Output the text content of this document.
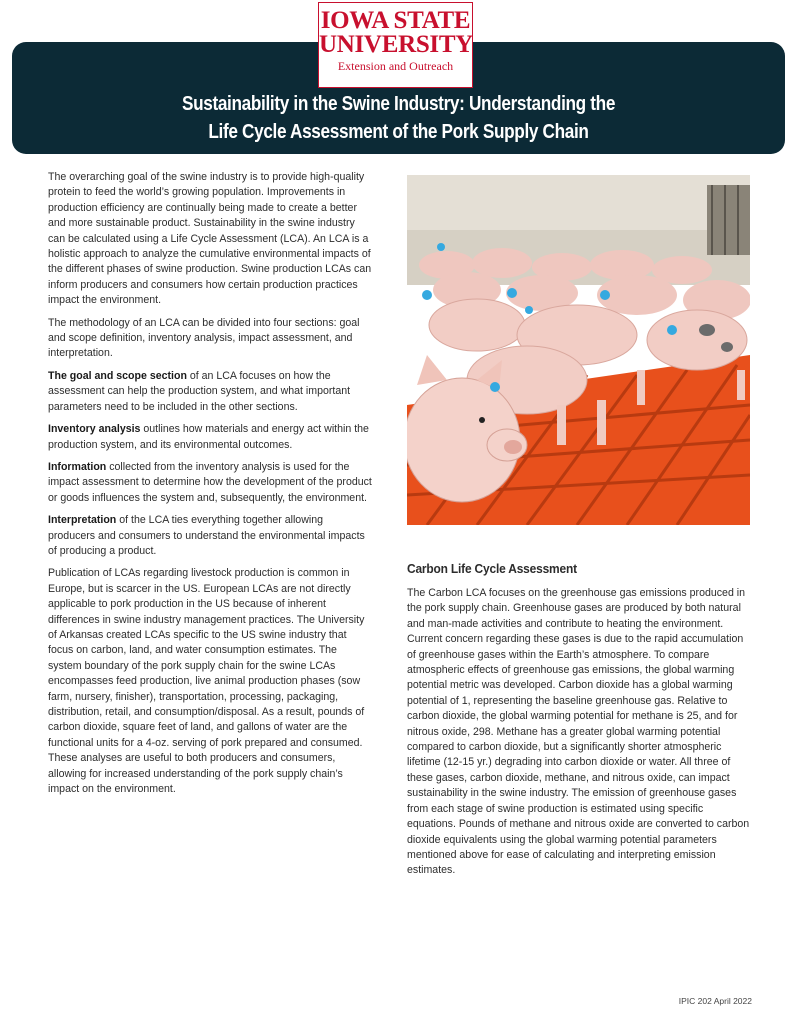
Sustainability in the Swine Industry: Understanding the
Life Cycle Assessment of the Pork Supply Chain
IOWA STATE
UNIVERSITY
Extension and Outreach

The overarching goal of the swine industry is to provide high-quality protein to feed the world’s growing population. Improvements in production efficiency are continually being made to create a better and more sustainable product. Sustainability in the swine industry can be calculated using a Life Cycle Assessment (LCA). An LCA is a holistic approach to analyze the cumulative environmental impacts of the different phases of swine production. Swine production LCAs can inform producers and consumers how certain production practices impact the environment.

The methodology of an LCA can be divided into four sections: goal and scope definition, inventory analysis, impact assessment, and interpretation.

The goal and scope section of an LCA focuses on how the assessment can help the production system, and what important parameters need to be included in the other sections.

Inventory analysis outlines how materials and energy act within the production system, and its environmental outcomes.

Information collected from the inventory analysis is used for the impact assessment to determine how the development of the product or goods influences the system and, subsequently, the environment.

Interpretation of the LCA ties everything together allowing producers and consumers to understand the environmental impacts of producing a product.

Publication of LCAs regarding livestock production is common in Europe, but is scarcer in the US. European LCAs are not directly applicable to pork production in the US because of inherent differences in swine industry management practices. The University of Arkansas created LCAs specific to the US swine industry that focus on carbon, land, and water consumption estimates. The system boundary of the pork supply chain for the swine LCAs encompasses feed production, live animal production phases (sow farm, nursery, finisher), transportation, processing, packaging, distribution, retail, and consumption/disposal. As a result, pounds of carbon dioxide, square feet of land, and gallons of water are the functional units for a 4-oz. serving of pork prepared and consumed. These analyses are useful to both producers and consumers, allowing for increased understanding of the pork supply chain’s impact on the environment.

Carbon Life Cycle Assessment

The Carbon LCA focuses on the greenhouse gas emissions produced in the pork supply chain. Greenhouse gases are produced by both natural and man-made activities and contribute to heating the environment. Current concern regarding these gases is due to the rapid accumulation of greenhouse gases within the Earth’s atmosphere. To compare atmospheric effects of greenhouse gas emissions, the global warming potential metric was developed. Carbon dioxide has a global warming potential of 1, representing the baseline greenhouse gas. Relative to carbon dioxide, the global warming potential for methane is 25, and for nitrous oxide, 298. Methane has a greater global warming potential compared to carbon dioxide, but a significantly shorter atmospheric lifetime (12-15 yr.) degrading into carbon dioxide or water. All three of these gases, carbon dioxide, methane, and nitrous oxide, can impact sustainability in the swine industry. The emission of greenhouse gases from each stage of swine production is estimated using specific equations. Pounds of methane and nitrous oxide are converted to carbon dioxide equivalents using the global warming potential parameters mentioned above for ease of calculating and interpreting emission estimates.

IPIC 202 April 2022
